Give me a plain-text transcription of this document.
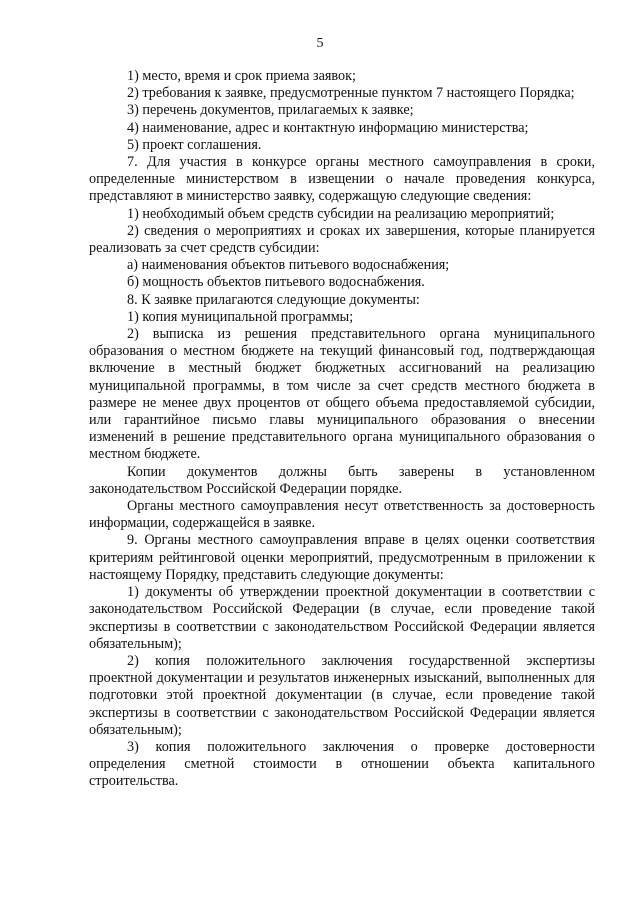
5

1) место, время и срок приема заявок;

2) требования к заявке, предусмотренные пунктом 7 настоящего Порядка;

3) перечень документов, прилагаемых к заявке;

4) наименование, адрес и контактную информацию министерства;

5) проект соглашения.

7. Для участия в конкурсе органы местного самоуправления в сроки, определенные министерством в извещении о начале проведения конкурса, представляют в министерство заявку, содержащую следующие сведения:

1) необходимый объем средств субсидии на реализацию мероприятий;

2) сведения о мероприятиях и сроках их завершения, которые планируется реализовать за счет средств субсидии:

а) наименования объектов питьевого водоснабжения;

б) мощность объектов питьевого водоснабжения.

8. К заявке прилагаются следующие документы:

1) копия муниципальной программы;

2) выписка из решения представительного органа муниципального образования о местном бюджете на текущий финансовый год, подтверждающая включение в местный бюджет бюджетных ассигнований на реализацию муниципальной программы, в том числе за счет средств местного бюджета в размере не менее двух процентов от общего объема предоставляемой субсидии, или гарантийное письмо главы муниципального образования о внесении изменений в решение представительного органа муниципального образования о местном бюджете.

Копии документов должны быть заверены в установленном законодательством Российской Федерации порядке.

Органы местного самоуправления несут ответственность за достоверность информации, содержащейся в заявке.

9. Органы местного самоуправления вправе в целях оценки соответствия критериям рейтинговой оценки мероприятий, предусмотренным в приложении к настоящему Порядку, представить следующие документы:

1) документы об утверждении проектной документации в соответствии с законодательством Российской Федерации (в случае, если проведение такой экспертизы в соответствии с законодательством Российской Федерации является обязательным);

2) копия положительного заключения государственной экспертизы проектной документации и результатов инженерных изысканий, выполненных для подготовки этой проектной документации (в случае, если проведение такой экспертизы в соответствии с законодательством Российской Федерации является обязательным);

3) копия положительного заключения о проверке достоверности определения сметной стоимости в отношении объекта капитального строительства.
